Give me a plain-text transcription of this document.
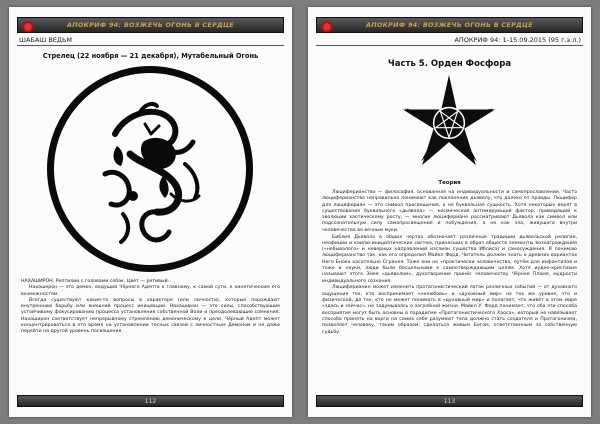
АПОКРИФ 94: ВОЗЖЕЧЬ ОГОНЬ В СЕРДЦЕ
ШАБАШ ВЕДЬМ
Стрелец (22 ноября — 21 декабря), Мутабельный Огонь

НАХАШИРОН. Рептилии с головами собак. Цвет — ретивый.

Нахашерон — это демон, ведущий Чёрного Адепта к главному, к самой сути, к кинетическим его возможностям.

Всегда существуют какие-то вопросы в характере (или личности), которые порождают внутреннюю борьбу или внешний процесс инициации. Нахаширон — это силы, способствующие устойчивому фокусированию процесса установления собственной Воли и преодолевающие сомнения. Нахаширон соответствует непрерывному стремлению демоническому к цели. Чёрный Адепт может концентрироваться в это время на установлении тесных связей с личностным Демоном и не даже перейти на другой уровень посвящения.

112
АПОКРИФ 94: ВОЗЖЕЧЬ ОГОНЬ В СЕРДЦЕ
АПОКРИФ 94: 1-15.09.2015 (95 г.э.л.)
Часть 5. Орден Фосфора
Теория

Люциферианство — философия, основанная на индивидуальности и самопрославлении. Часто люциферианство неправильно понимают как поклонение дьяволу, что далеко от правды. Люцифер для люцифериан — это символ просвещения, а не буквальная сущность. Хотя некоторые верят в существование буквального «дьявола» — космической антимирующей фактор, приводящий к эволюции хаотическому росту, — многие люцифериане рассматривают Дьявола как символ или подсознательную силу самопросвещения и побуждения, а не как зла, живущего внутри человечества во вечным муки.

Библия Дьявола в общих чертах обозначает различные традиции дьявольской религии, неофиции и каилю-инициатических систем, принесших в образ обществ элементы вознаграждения («небывалого» и неверных направлений изслиян существа Иблиса) и самосуждения. Я понимаю люциферианство так, как его определил Майкл Форд. Читатель должен знать о древних вариантах Него Бнока касательно Сгранея. Тоже они не «практически человечества, путём для инфантилов и тоже и науки, люди были бесцельными к самоотверждающим целям. Хотя иудео-христиане называют этого Змея «дьяволом», духотворение принёс человечеству Чёрное Пламя, мудрости индивидуального сознания.

Люциферианин может изменить протагонистический поток различных событий — от духовного ощущения тех, кто воспринимает «нелюбовь» и «духовный мир» на тех же уровне, что и физической, до тех, кто не может понимать в «духовный мир» и полагает, что живёт в этом мире «здесь и сейчас», не задумываясь о загробной жизни. Майкл У. Форд понимает, что оба эти способа восприятия могут быть основны в парадигме «Протагонистического Хаоса», который не навязывает способа принять на ворги на самих себя разумеют тела должно стать создателя и Протагонизма, позволяет человеку, таким образом, сделаться живым Богом, ответственным за собственную судьбу.

113
